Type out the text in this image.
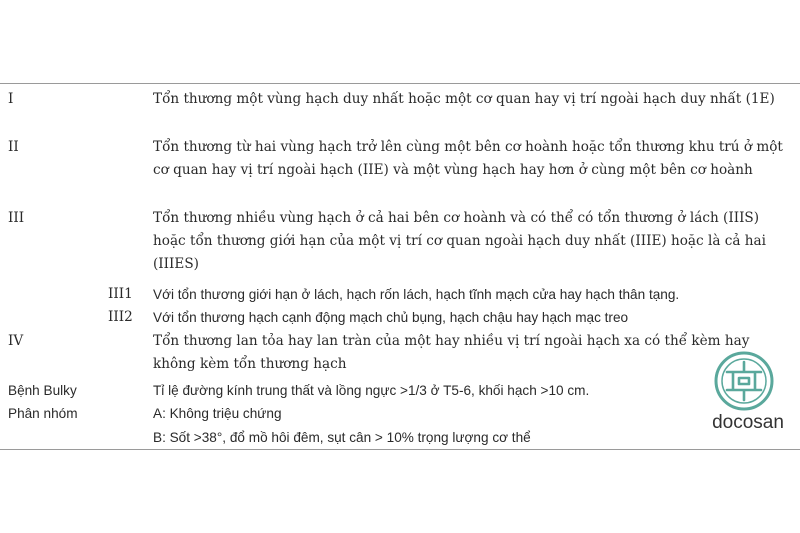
I	Tổn thương một vùng hạch duy nhất hoặc một cơ quan hay vị trí ngoài hạch duy nhất (1E)
II	Tổn thương từ hai vùng hạch trở lên cùng một bên cơ hoành hoặc tổn thương khu trú ở một cơ quan hay vị trí ngoài hạch (IIE) và một vùng hạch hay hơn ở cùng một bên cơ hoành
III	Tổn thương nhiều vùng hạch ở cả hai bên cơ hoành và có thể có tổn thương ở lách (IIIS) hoặc tổn thương giới hạn của một vị trí cơ quan ngoài hạch duy nhất (IIIE) hoặc là cả hai (IIIES)
III1 Với tổn thương giới hạn ở lách, hạch rốn lách, hạch tĩnh mạch cửa hay hạch thân tạng.
III2 Với tổn thương hạch cạnh động mạch chủ bụng, hạch chậu hay hạch mạc treo
IV	Tổn thương lan tỏa hay lan tràn của một hay nhiều vị trí ngoài hạch xa có thể kèm hay không kèm tổn thương hạch
Bệnh Bulky	Tỉ lệ đường kính trung thất và lồng ngực >1/3 ở T5-6, khối hạch >10 cm.
Phân nhóm	A: Không triệu chứng
B: Sốt >38°, đổ mồ hôi đêm, sụt cân > 10% trọng lượng cơ thể
docosan
